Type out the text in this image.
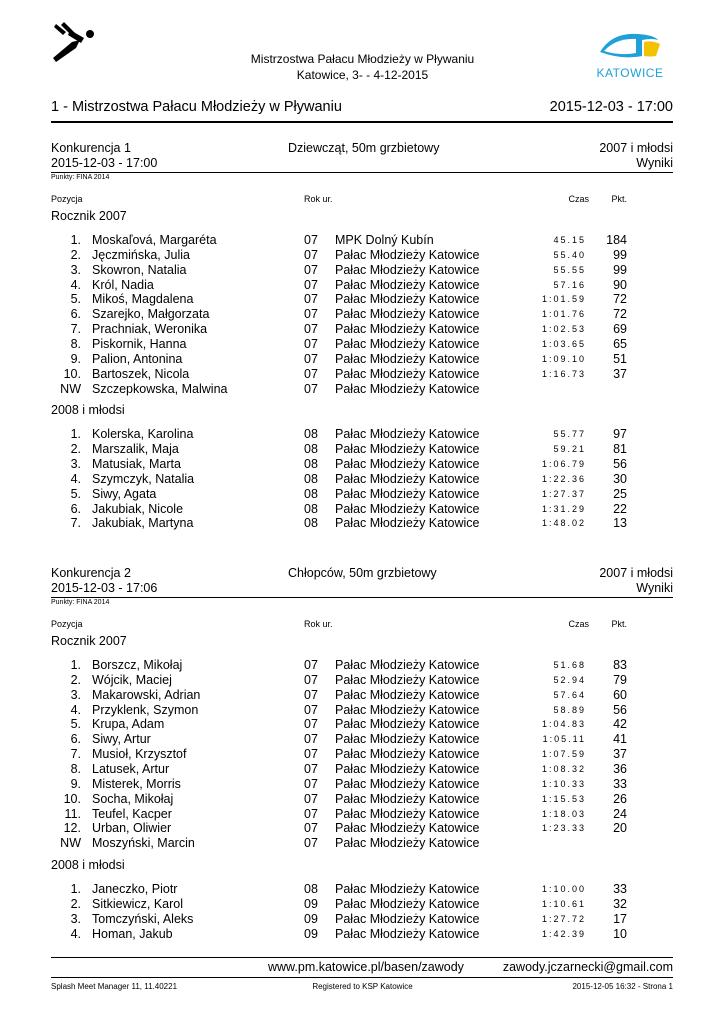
Mistrzostwa Pałacu Młodzieży w Pływaniu
Katowice, 3- - 4-12-2015	KATOWICE
1 - Mistrzostwa Pałacu Młodzieży w Pływaniu	2015-12-03 - 17:00
Konkurencja 1	Dziewcząt, 50m grzbietowy	2007 i młodsi
2015-12-03 - 17:00	Wyniki
Punkty: FINA 2014
Pozycja	Rok ur.	Czas Pkt.
Rocznik 2007
1. Moskaľová, Margaréta	07 MPK Dolný Kubín	45.15 184
2. Jęczmińska, Julia	07 Pałac Młodzieży Katowice	55.40 99
3. Skowron, Natalia	07 Pałac Młodzieży Katowice	55.55 99
4. Król, Nadia	07 Pałac Młodzieży Katowice	57.16 90
5. Mikoś, Magdalena	07 Pałac Młodzieży Katowice	1:01.59 72
6. Szarejko, Małgorzata	07 Pałac Młodzieży Katowice	1:01.76 72
7. Prachniak, Weronika	07 Pałac Młodzieży Katowice	1:02.53 69
8. Piskornik, Hanna	07 Pałac Młodzieży Katowice	1:03.65 65
9. Palion, Antonina	07 Pałac Młodzieży Katowice	1:09.10 51
10. Bartoszek, Nicola	07 Pałac Młodzieży Katowice	1:16.73 37
NW Szczepkowska, Malwina	07 Pałac Młodzieży Katowice
2008 i młodsi
1. Kolerska, Karolina	08 Pałac Młodzieży Katowice	55.77 97
2. Marszalik, Maja	08 Pałac Młodzieży Katowice	59.21 81
3. Matusiak, Marta	08 Pałac Młodzieży Katowice	1:06.79 56
4. Szymczyk, Natalia	08 Pałac Młodzieży Katowice	1:22.36 30
5. Siwy, Agata	08 Pałac Młodzieży Katowice	1:27.37 25
6. Jakubiak, Nicole	08 Pałac Młodzieży Katowice	1:31.29 22
7. Jakubiak, Martyna	08 Pałac Młodzieży Katowice	1:48.02 13
Konkurencja 2	Chłopców, 50m grzbietowy	2007 i młodsi
2015-12-03 - 17:06	Wyniki
Punkty: FINA 2014
Pozycja	Rok ur.	Czas Pkt.
Rocznik 2007
1. Borszcz, Mikołaj	07 Pałac Młodzieży Katowice	51.68 83
2. Wójcik, Maciej	07 Pałac Młodzieży Katowice	52.94 79
3. Makarowski, Adrian	07 Pałac Młodzieży Katowice	57.64 60
4. Przyklenk, Szymon	07 Pałac Młodzieży Katowice	58.89 56
5. Krupa, Adam	07 Pałac Młodzieży Katowice	1:04.83 42
6. Siwy, Artur	07 Pałac Młodzieży Katowice	1:05.11 41
7. Musioł, Krzysztof	07 Pałac Młodzieży Katowice	1:07.59 37
8. Latusek, Artur	07 Pałac Młodzieży Katowice	1:08.32 36
9. Misterek, Morris	07 Pałac Młodzieży Katowice	1:10.33 33
10. Socha, Mikołaj	07 Pałac Młodzieży Katowice	1:15.53 26
11. Teufel, Kacper	07 Pałac Młodzieży Katowice	1:18.03 24
12. Urban, Oliwier	07 Pałac Młodzieży Katowice	1:23.33 20
NW Moszyński, Marcin	07 Pałac Młodzieży Katowice
2008 i młodsi
1. Janeczko, Piotr	08 Pałac Młodzieży Katowice	1:10.00 33
2. Sitkiewicz, Karol	09 Pałac Młodzieży Katowice	1:10.61 32
3. Tomczyński, Aleks	09 Pałac Młodzieży Katowice	1:27.72 17
4. Homan, Jakub	09 Pałac Młodzieży Katowice	1:42.39 10
www.pm.katowice.pl/basen/zawody	zawody.jczarnecki@gmail.com
Splash Meet Manager 11, 11.40221	Registered to KSP Katowice	2015-12-05 16:32 - Strona 1
